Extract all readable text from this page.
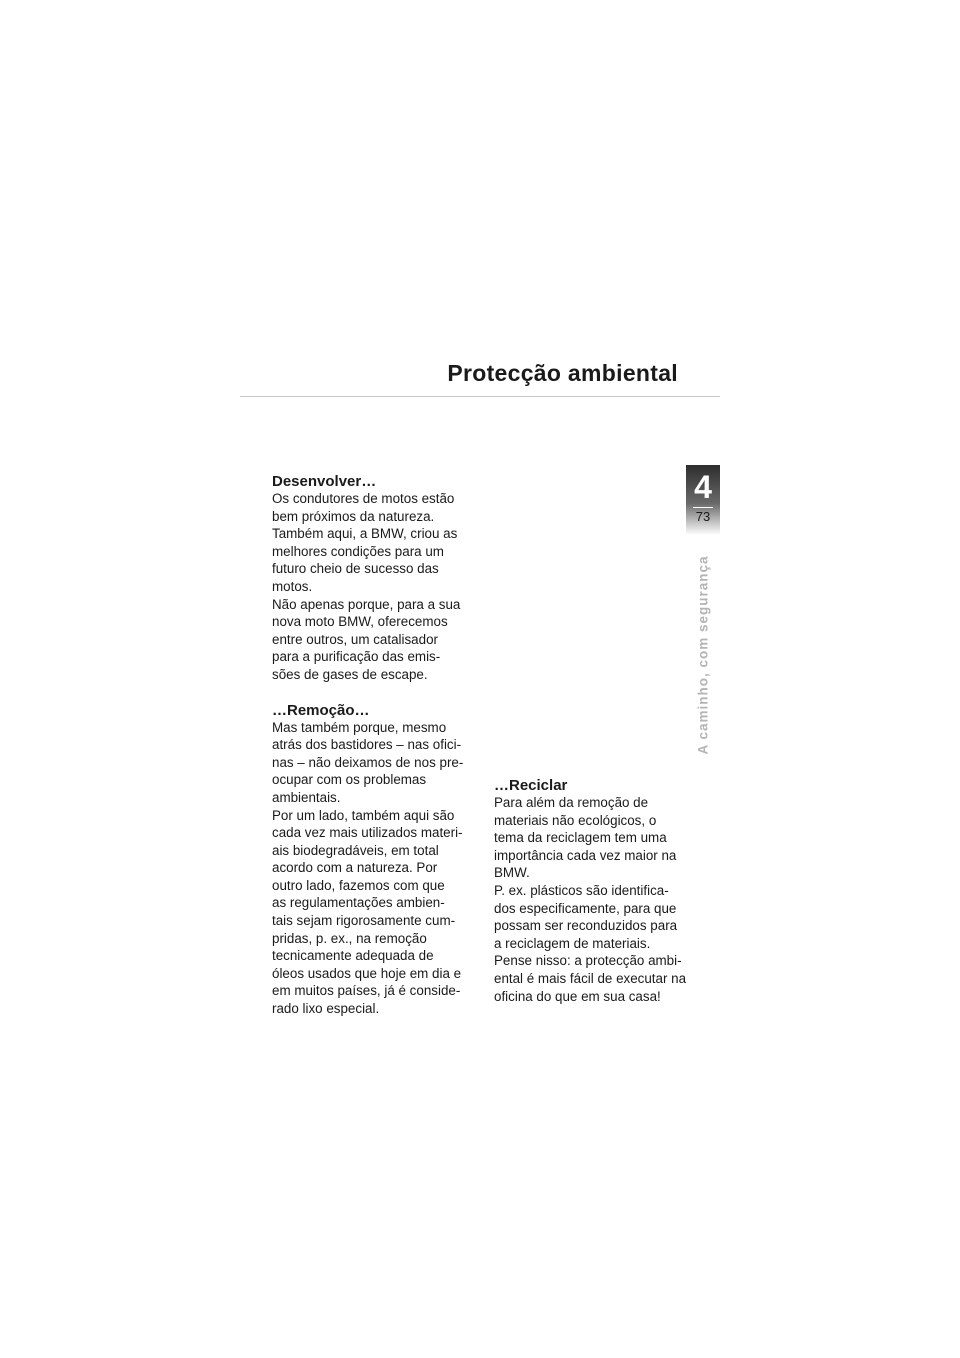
Protecção ambiental
4
73
A caminho, com segurança
Desenvolver…

Os condutores de motos estão
bem próximos da natureza.
Também aqui, a BMW, criou as
melhores condições para um
futuro cheio de sucesso das
motos.

Não apenas porque, para a sua
nova moto BMW, oferecemos
entre outros, um catalisador
para a purificação das emis-
sões de gases de escape.

…Remoção…

Mas também porque, mesmo
atrás dos bastidores – nas ofici-
nas – não deixamos de nos pre-
ocupar com os problemas
ambientais.

Por um lado, também aqui são
cada vez mais utilizados materi-
ais biodegradáveis, em total
acordo com a natureza. Por
outro lado, fazemos com que
as regulamentações ambien-
tais sejam rigorosamente cum-
pridas, p. ex., na remoção
tecnicamente adequada de
óleos usados que hoje em dia e
em muitos países, já é conside-
rado lixo especial.

…Reciclar

Para além da remoção de
materiais não ecológicos, o
tema da reciclagem tem uma
importância cada vez maior na
BMW.

P. ex. plásticos são identifica-
dos especificamente, para que
possam ser reconduzidos para
a reciclagem de materiais.
Pense nisso: a protecção ambi-
ental é mais fácil de executar na
oficina do que em sua casa!
